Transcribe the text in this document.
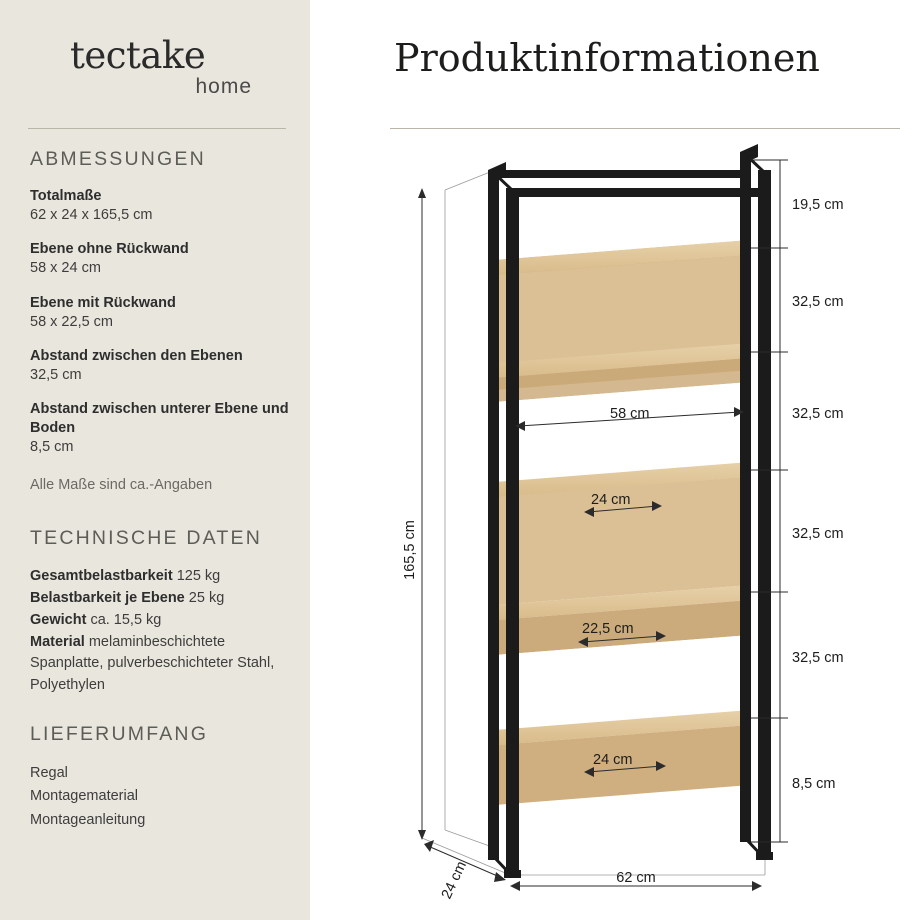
tectake
home
ABMESSUNGEN
Totalmaße
62 x 24 x 165,5 cm
Ebene ohne Rückwand
58 x 24 cm
Ebene mit Rückwand
58 x 22,5 cm
Abstand zwischen den Ebenen
32,5 cm
Abstand zwischen unterer Ebene und Boden
8,5 cm
Alle Maße sind ca.-Angaben
TECHNISCHE DATEN
Gesamtbelastbarkeit 125 kg
Belastbarkeit je Ebene 25 kg
Gewicht ca. 15,5 kg
Material melaminbeschichtete Spanplatte, pulverbeschichteter Stahl, Polyethylen
LIEFERUMFANG
Regal
Montagematerial
Montageanleitung
Produktinformationen
165,5 cm
19,5 cm
32,5 cm
32,5 cm
32,5 cm
32,5 cm
8,5 cm
58 cm
24 cm
22,5 cm
24 cm
24 cm	62 cm
